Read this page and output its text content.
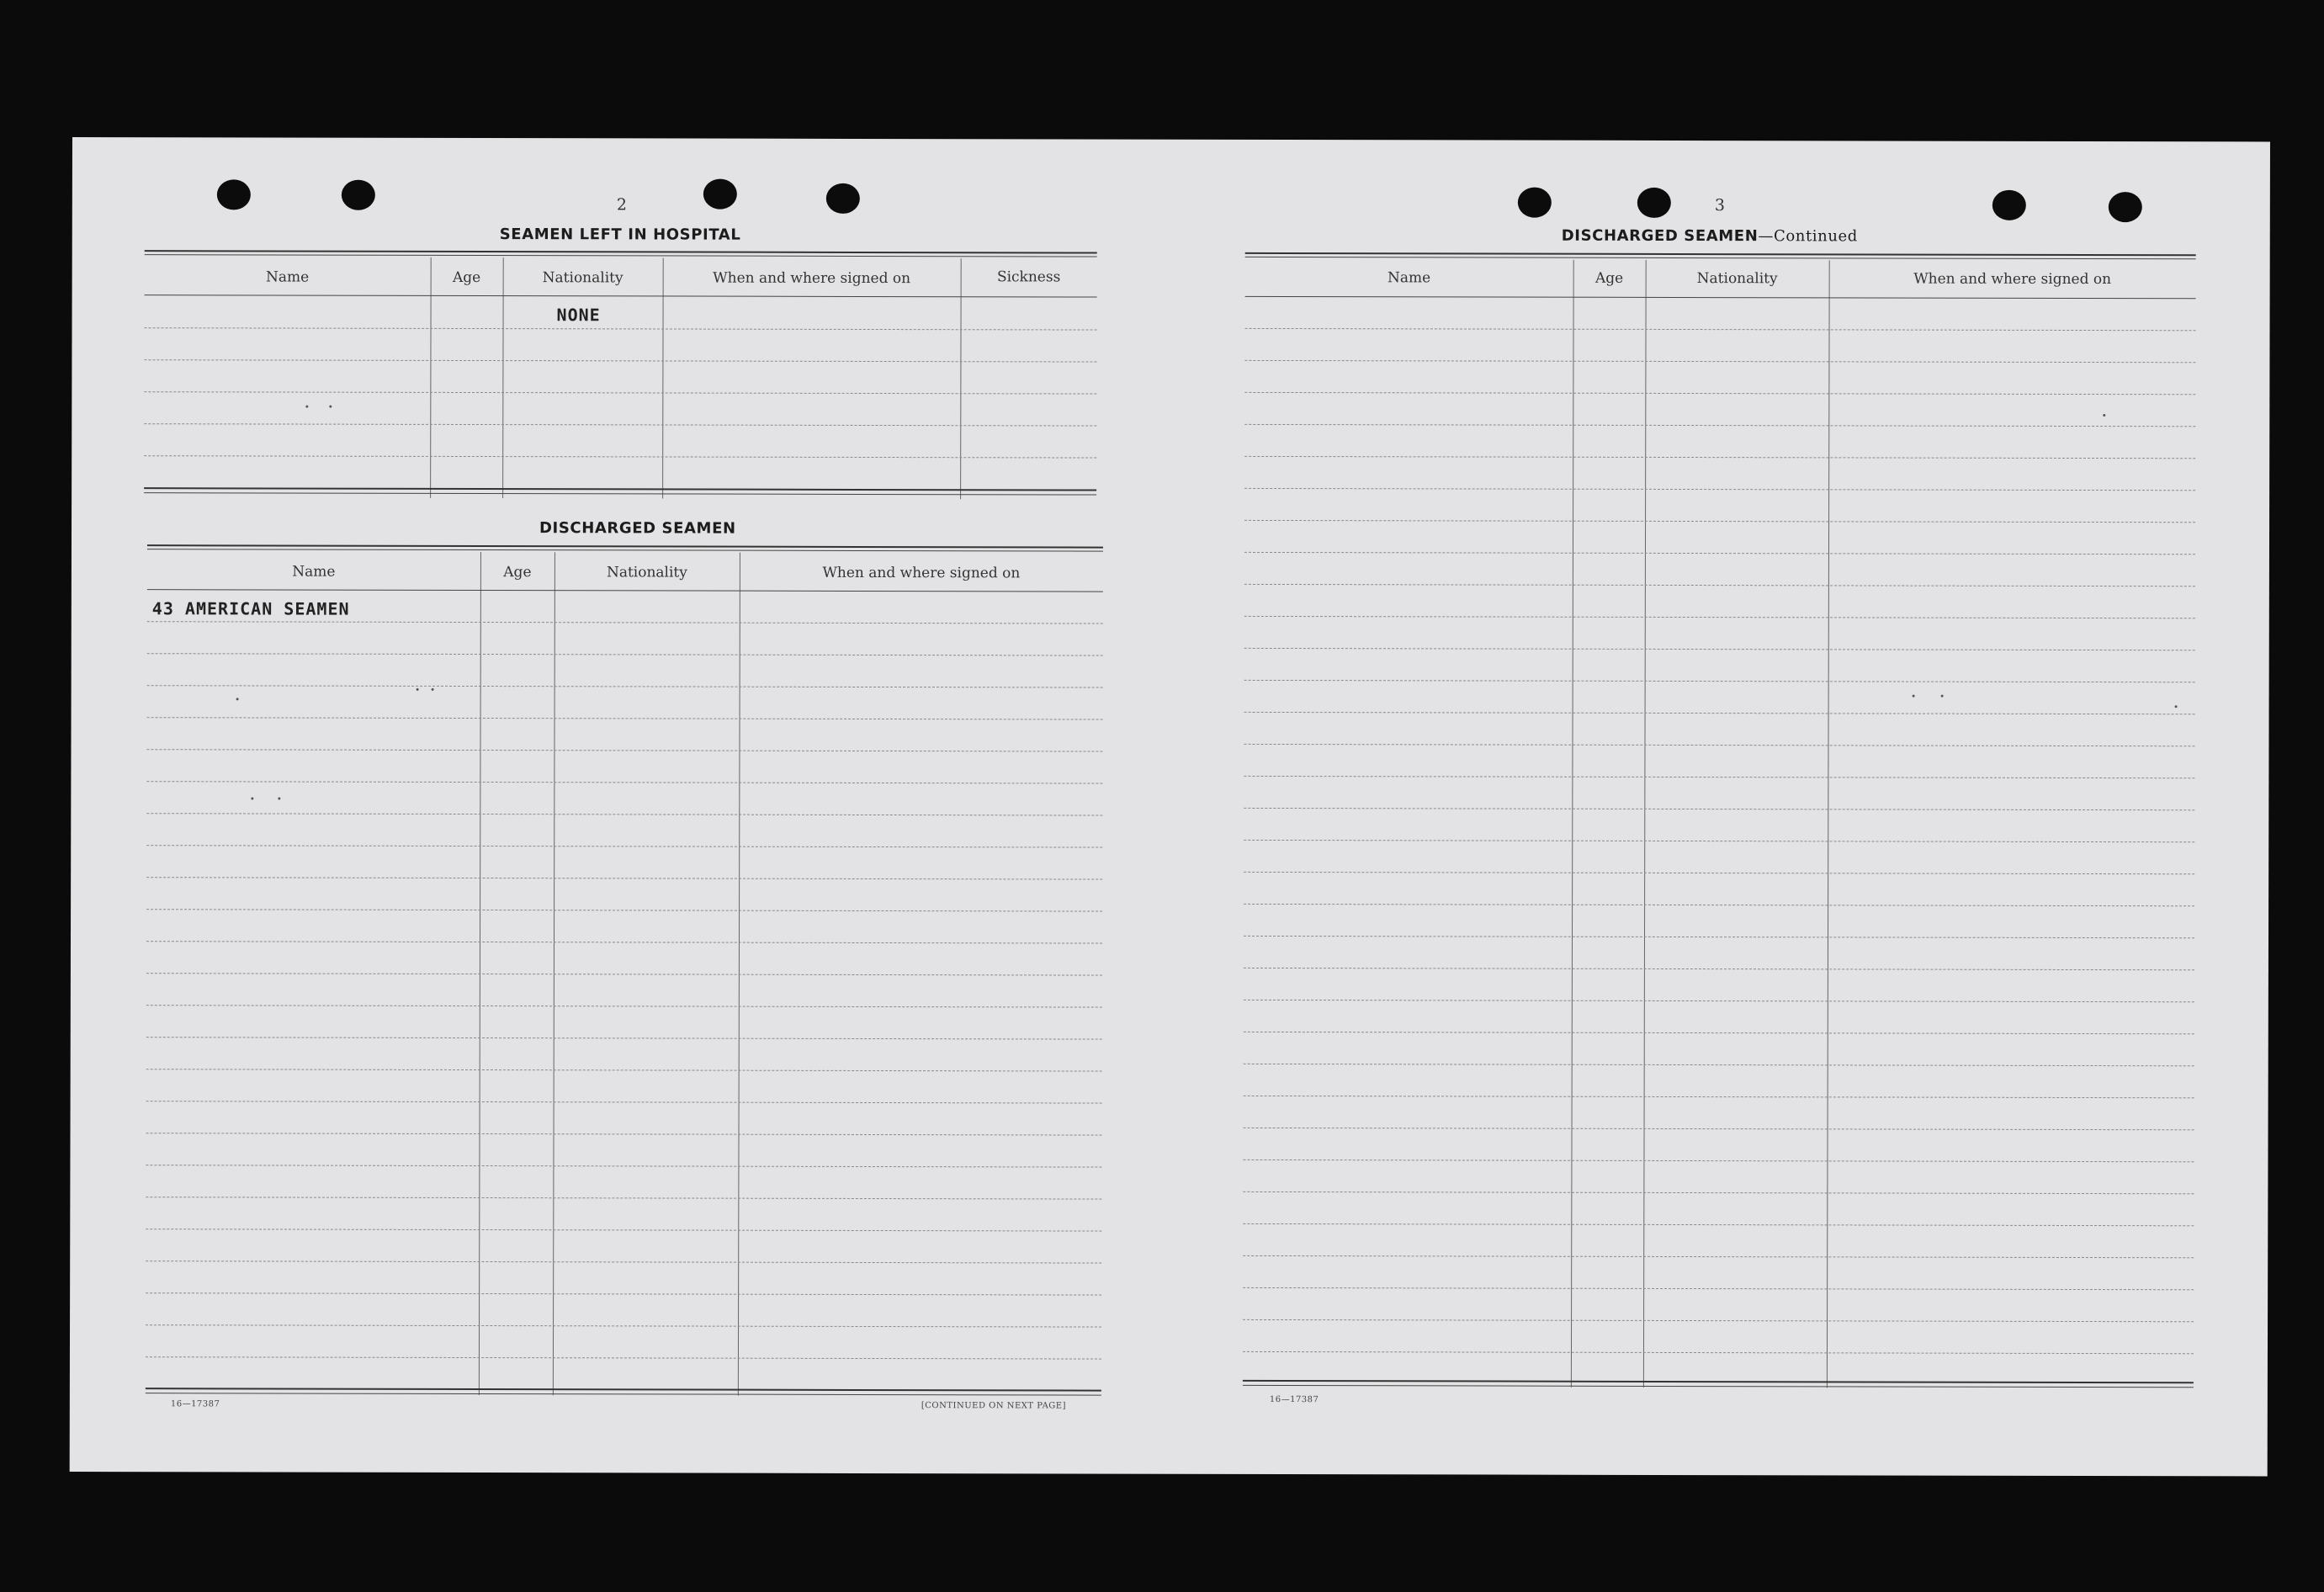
2
SEAMEN LEFT IN HOSPITAL
Name	Age	Nationality	When and where signed on	Sickness
NONE
DISCHARGED SEAMEN
Name	Age	Nationality	When and where signed on
43 AMERICAN SEAMEN
16—17387	[CONTINUED ON NEXT PAGE]
3
DISCHARGED SEAMEN—Continued
Name	Age	Nationality	When and where signed on
16—17387
